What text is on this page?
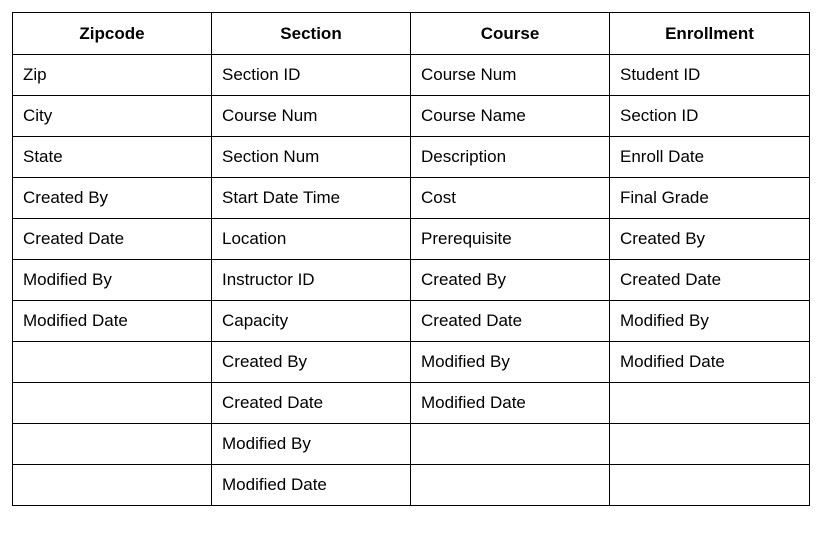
Zipcode	Section	Course	Enrollment
Zip	Section ID	Course Num	Student ID
City	Course Num	Course Name	Section ID
State	Section Num	Description	Enroll Date
Created By	Start Date Time	Cost	Final Grade
Created Date	Location	Prerequisite	Created By
Modified By	Instructor ID	Created By	Created Date
Modified Date	Capacity	Created Date	Modified By
	Created By	Modified By	Modified Date
	Created Date	Modified Date	
	Modified By		
	Modified Date		
